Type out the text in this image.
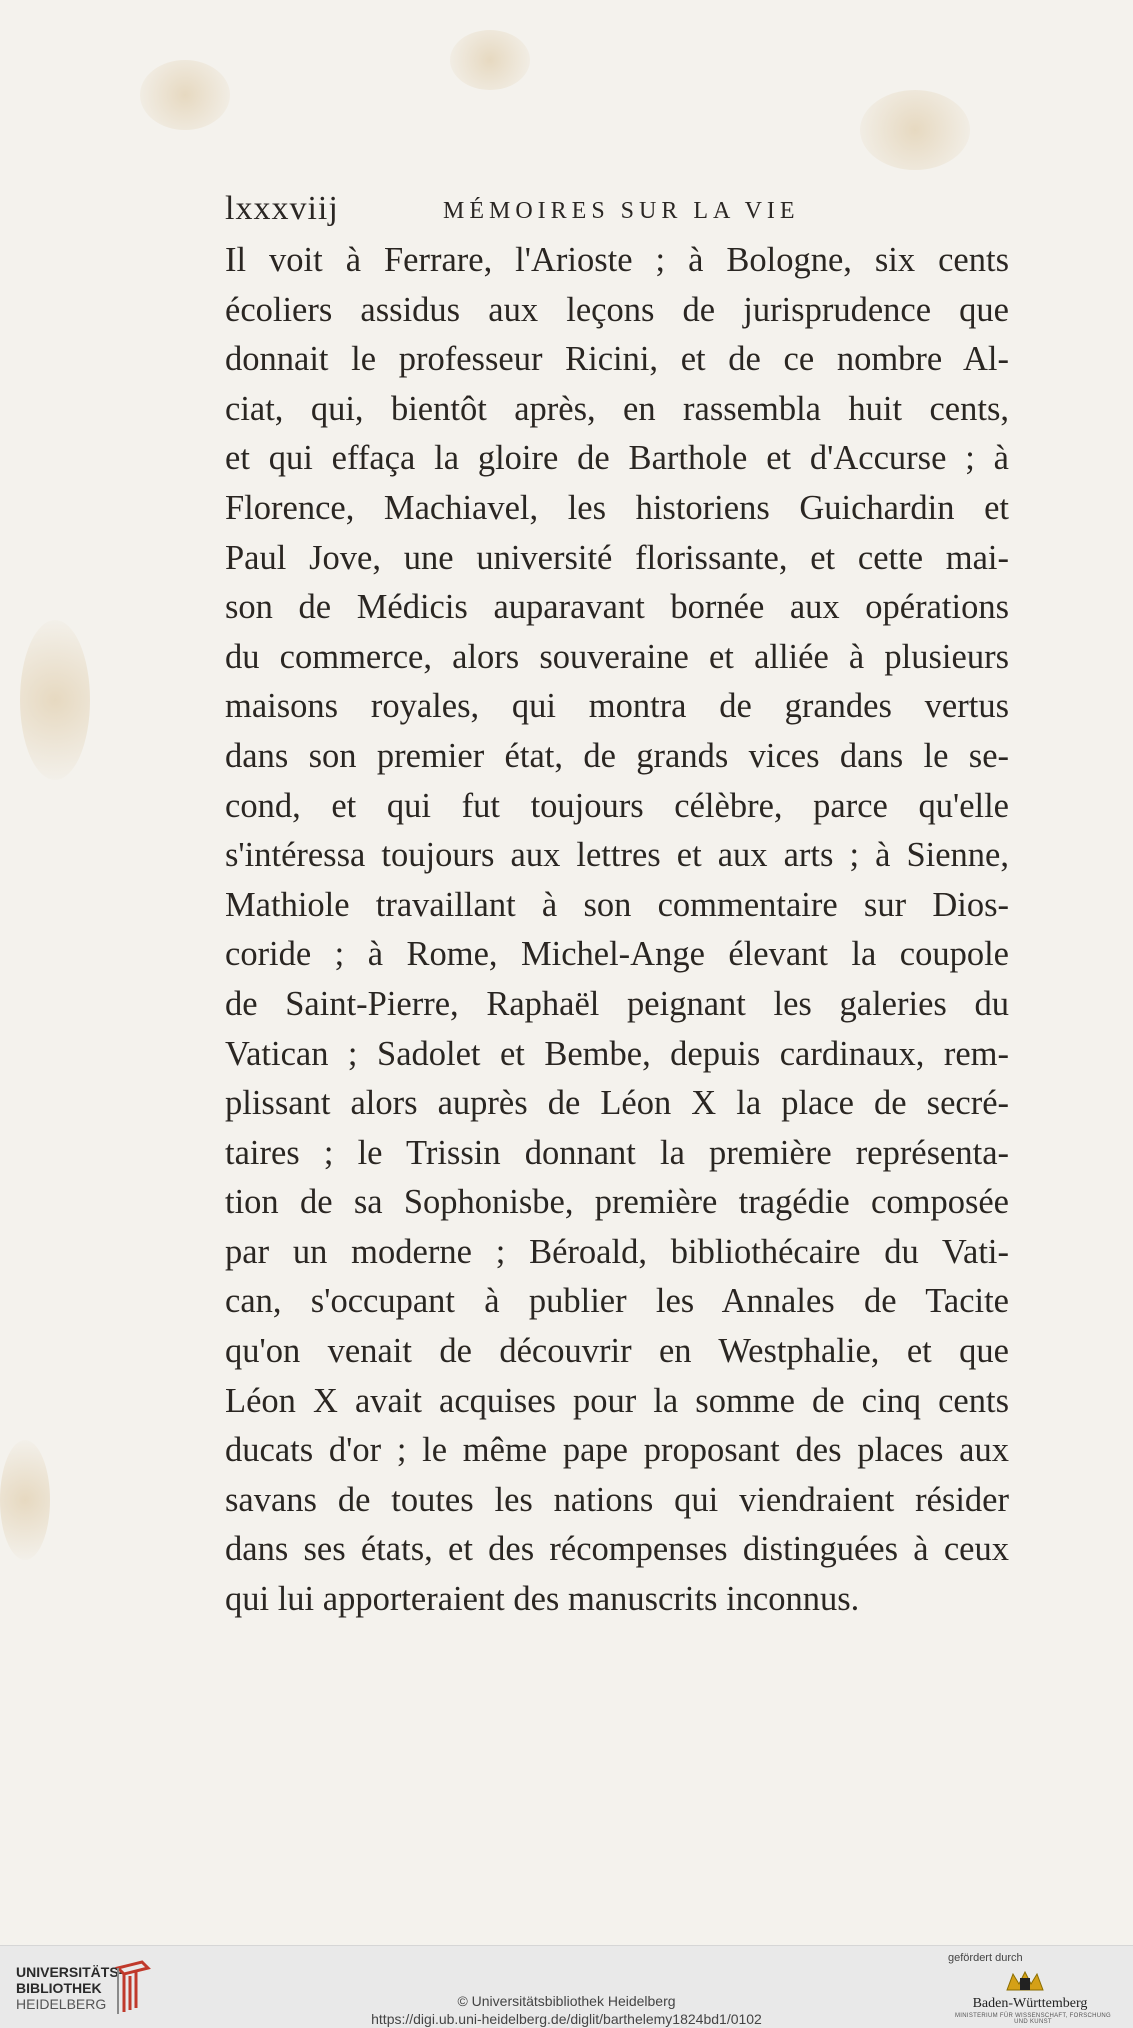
lxxxviij	MÉMOIRES SUR LA VIE
Il voit à Ferrare, l'Arioste ; à Bologne, six cents
écoliers assidus aux leçons de jurisprudence que
donnait le professeur Ricini, et de ce nombre Al-
ciat, qui, bientôt après, en rassembla huit cents,
et qui effaça la gloire de Barthole et d'Accurse ; à
Florence, Machiavel, les historiens Guichardin et
Paul Jove, une université florissante, et cette mai-
son de Médicis auparavant bornée aux opérations
du commerce, alors souveraine et alliée à plusieurs
maisons royales, qui montra de grandes vertus
dans son premier état, de grands vices dans le se-
cond, et qui fut toujours célèbre, parce qu'elle
s'intéressa toujours aux lettres et aux arts ; à Sienne,
Mathiole travaillant à son commentaire sur Dios-
coride ; à Rome, Michel-Ange élevant la coupole
de Saint-Pierre, Raphaël peignant les galeries du
Vatican ; Sadolet et Bembe, depuis cardinaux, rem-
plissant alors auprès de Léon X la place de secré-
taires ; le Trissin donnant la première représenta-
tion de sa Sophonisbe, première tragédie composée
par un moderne ; Béroald, bibliothécaire du Vati-
can, s'occupant à publier les Annales de Tacite
qu'on venait de découvrir en Westphalie, et que
Léon X avait acquises pour la somme de cinq cents
ducats d'or ; le même pape proposant des places aux
savans de toutes les nations qui viendraient résider
dans ses états, et des récompenses distinguées à ceux
qui lui apporteraient des manuscrits inconnus.
UNIVERSITÄTS-
BIBLIOTHEK
HEIDELBERG	© Universitätsbibliothek Heidelberg
https://digi.ub.uni-heidelberg.de/diglit/barthelemy1824bd1/0102
gefördert durch
Baden-Württemberg
MINISTERIUM FÜR WISSENSCHAFT, FORSCHUNG UND KUNST
